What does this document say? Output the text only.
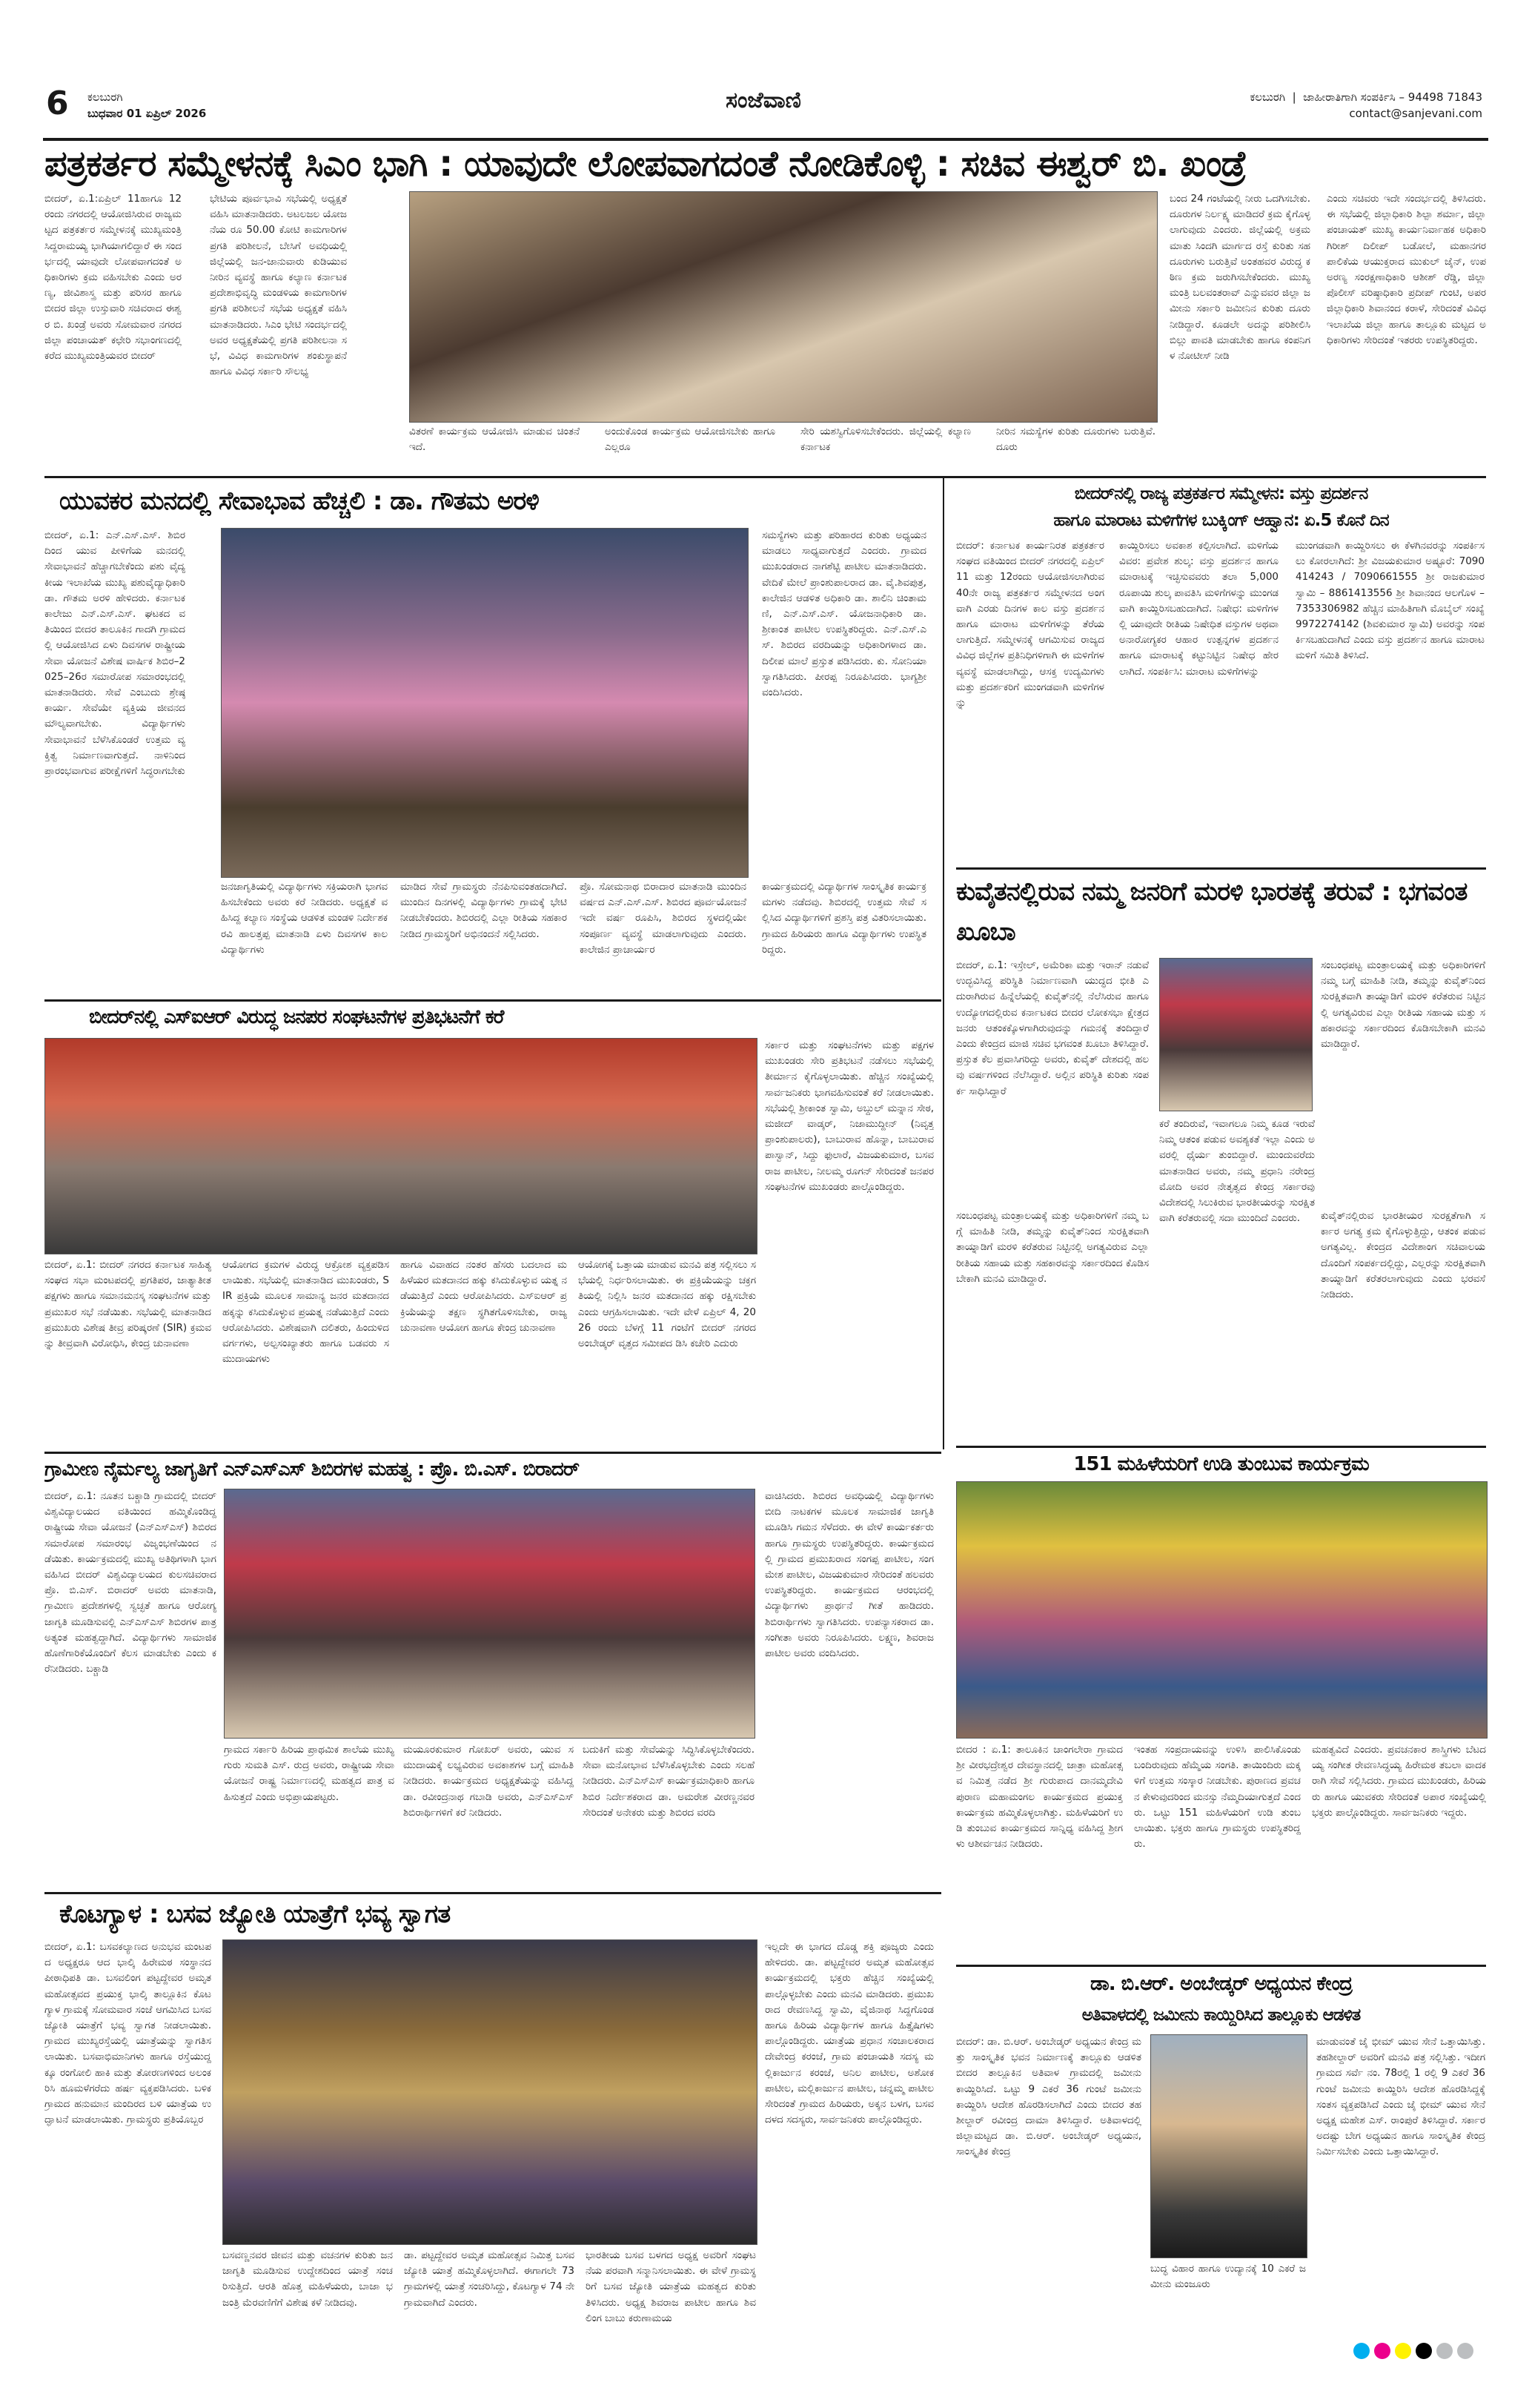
6 ಕಲಬುರಗಿ
ಬುಧವಾರ 01 ಏಪ್ರಿಲ್ 2026	ಸಂಜೆವಾಣಿ	ಕಲಬುರಗಿ  |  ಜಾಹೀರಾತಿಗಾಗಿ ಸಂಪರ್ಕಿಸಿ – 94498 71843
contact@sanjevani.com
ಪತ್ರಕರ್ತರ ಸಮ್ಮೇಳನಕ್ಕೆ ಸಿಎಂ ಭಾಗಿ : ಯಾವುದೇ ಲೋಪವಾಗದಂತೆ ನೋಡಿಕೊಳ್ಳಿ : ಸಚಿವ ಈಶ್ವರ್ ಬಿ. ಖಂಡ್ರೆ
ಬೀದರ್, ಏ.1:ಏಪ್ರಿಲ್ 11ಹಾಗೂ 12 ರಂದು ನಗರದಲ್ಲಿ ಆಯೋಜಿಸಿರುವ ರಾಜ್ಯಮಟ್ಟದ ಪತ್ರಕರ್ತರ ಸಮ್ಮೇಳನಕ್ಕೆ ಮುಖ್ಯಮಂತ್ರಿ ಸಿದ್ದರಾಮಯ್ಯ ಭಾಗಿಯಾಗಲಿದ್ದಾರೆ ಈ ಸಂದರ್ಭದಲ್ಲಿ ಯಾವುದೇ ಲೋಪವಾಗದಂತೆ ಅಧಿಕಾರಿಗಳು ಕ್ರಮ ವಹಿಸಬೇಕು ಎಂದು ಅರಣ್ಯ, ಜೀವಿಶಾಸ್ತ್ರ ಮತ್ತು ಪರಿಸರ ಹಾಗೂ ಬೀದರ ಜಿಲ್ಲಾ ಉಸ್ತುವಾರಿ ಸಚಿವರಾದ ಈಶ್ವರ ಬಿ. ಖಂಡ್ರೆ ಅವರು ಸೋಮವಾರ ನಗರದ ಜಿಲ್ಲಾ ಪಂಚಾಯತ್ ಕಛೇರಿ ಸಭಾಂಗಣದಲ್ಲಿ ಕರೆದ ಮುಖ್ಯಮಂತ್ರಿಯವರ ಬೀದರ್
ಭೇಟಿಯ ಪೂರ್ವಭಾವಿ ಸಭೆಯಲ್ಲಿ ಅಧ್ಯಕ್ಷತೆ ವಹಿಸಿ ಮಾತನಾಡಿದರು. ಅಟಲಜಲ ಯೋಜನೆಯ ರೂ 50.00 ಕೋಟಿ ಕಾಮಗಾರಿಗಳ ಪ್ರಗತಿ ಪರಿಶೀಲನೆ, ಬೇಸಿಗೆ ಅವಧಿಯಲ್ಲಿ ಜಿಲ್ಲೆಯಲ್ಲಿ ಜನ-ಜಾನುವಾರು ಕುಡಿಯುವ ನೀರಿನ ವ್ಯವಸ್ಥೆ ಹಾಗೂ ಕಲ್ಯಾಣ ಕರ್ನಾಟಕ ಪ್ರದೇಶಾಭಿವೃದ್ಧಿ ಮಂಡಳಿಯ ಕಾಮಗಾರಿಗಳ ಪ್ರಗತಿ ಪರಿಶೀಲನೆ ಸಭೆಯ ಅಧ್ಯಕ್ಷತೆ ವಹಿಸಿ ಮಾತನಾಡಿದರು. ಸಿಎಂ ಭೇಟಿ ಸಂದರ್ಭದಲ್ಲಿ ಅವರ ಅಧ್ಯಕ್ಷತೆಯಲ್ಲಿ ಪ್ರಗತಿ ಪರಿಶೀಲನಾ ಸಭೆ, ವಿವಿಧ ಕಾಮಗಾರಿಗಳ ಶಂಕುಸ್ಥಾಪನೆ ಹಾಗೂ ವಿವಿಧ ಸರ್ಕಾರಿ ಸೌಲಭ್ಯ
ವಿತರಣೆ ಕಾರ್ಯಕ್ರಮ ಆಯೋಜಿಸಿ ಮಾಡುವ ಚಿಂತನೆ ಇದೆ.
ಅಂದುಕೊಂಡ ಕಾರ್ಯಕ್ರಮ ಆಯೋಜಿಸಬೇಕು ಹಾಗೂ ಎಲ್ಲರೂ
ಸೇರಿ ಯಶಸ್ವಿಗೊಳಿಸಬೇಕೆಂದರು. ಜಿಲ್ಲೆಯಲ್ಲಿ ಕಲ್ಯಾಣ ಕರ್ನಾಟಕ
ನೀರಿನ ಸಮಸ್ಯೆಗಳ ಕುರಿತು ದೂರುಗಳು ಬರುತ್ತಿವೆ. ದೂರು
ಬಂದ 24 ಗಂಟೆಯಲ್ಲಿ ನೀರು ಒದಗಿಸಬೇಕು. ದೂರುಗಳ ನಿರ್ಲಕ್ಷ್ಯ ಮಾಡಿದರೆ ಕ್ರಮ ಕೈಗೊಳ್ಳಲಾಗುವುದು ಎಂದರು. ಜಿಲ್ಲೆಯಲ್ಲಿ ಅಕ್ರಮ ಮಾತು ಸಿಂದಗಿ ಮಾರ್ಗದ ರಸ್ತೆ ಕುರಿತು ಸಹ ದೂರುಗಳು ಬರುತ್ತಿವೆ ಅಂತಹವರ ವಿರುದ್ಧ ಕಠಿಣ ಕ್ರಮ ಜರುಗಿಸಬೇಕೆಂದರು. ಮುಖ್ಯಮಂತ್ರಿ ಬಲವಂತರಾವ್ ಎನ್ನುವವರ ಜಿಲ್ಲಾ ಜಮೀನು ಸರ್ಕಾರಿ ಜಮೀನಿನ ಕುರಿತು ದೂರು ನೀಡಿದ್ದಾರೆ. ಕೂಡಲೇ ಅದನ್ನು ಪರಿಶೀಲಿಸಿ ಬಿಲ್ಲು ಪಾವತಿ ಮಾಡಬೇಕು ಹಾಗೂ ಕಂಪನಿಗಳ ನೋಟೀಸ್ ನೀಡಿ
ಎಂದು ಸಚಿವರು ಇದೇ ಸಂದರ್ಭದಲ್ಲಿ ತಿಳಿಸಿದರು. ಈ ಸಭೆಯಲ್ಲಿ ಜಿಲ್ಲಾಧಿಕಾರಿ ಶಿಲ್ಪಾ ಶರ್ಮಾ, ಜಿಲ್ಲಾ ಪಂಚಾಯತ್ ಮುಖ್ಯ ಕಾರ್ಯನಿರ್ವಾಹಕ ಅಧಿಕಾರಿ ಗಿರೀಶ್ ದಿಲೀಪ್ ಬಡೋಲೆ, ಮಹಾನಗರ ಪಾಲಿಕೆಯ ಆಯುಕ್ತರಾದ ಮುಕುಲ್ ಜೈನ್, ಉಪ ಅರಣ್ಯ ಸಂರಕ್ಷಣಾಧಿಕಾರಿ ಆಶೀಶ್ ರೆಡ್ಡಿ, ಜಿಲ್ಲಾ ಪೊಲೀಸ್ ವರಿಷ್ಠಾಧಿಕಾರಿ ಪ್ರದೀಪ್ ಗುಂಟಿ, ಅಪರ ಜಿಲ್ಲಾಧಿಕಾರಿ ಶಿವಾನಂದ ಕರಾಳೆ, ಸೇರಿದಂತೆ ವಿವಿಧ ಇಲಾಖೆಯ ಜಿಲ್ಲಾ ಹಾಗೂ ತಾಲ್ಲೂಕು ಮಟ್ಟದ ಅಧಿಕಾರಿಗಳು ಸೇರಿದಂತೆ ಇತರರು ಉಪಸ್ಥಿತರಿದ್ದರು.
ಯುವಕರ ಮನದಲ್ಲಿ ಸೇವಾಭಾವ ಹೆಚ್ಚಲಿ : ಡಾ. ಗೌತಮ ಅರಳಿ
ಬೀದರ್, ಏ.1: ಎನ್.ಎಸ್.ಎಸ್. ಶಿಬಿರದಿಂದ ಯುವ ಪೀಳಿಗೆಯ ಮನದಲ್ಲಿ ಸೇವಾಭಾವನೆ ಹೆಚ್ಚಾಗಬೇಕೆಂದು ಪಶು ವೈದ್ಯಕೀಯ ಇಲಾಖೆಯ ಮುಖ್ಯ ಪಶುವೈದ್ಯಾಧಿಕಾರಿ ಡಾ. ಗೌತಮ ಅರಳಿ ಹೇಳಿದರು. ಕರ್ನಾಟಕ ಕಾಲೇಜು ಎನ್.ಎಸ್.ಎಸ್. ಘಟಕದ ವತಿಯಿಂದ ಬೀದರ ತಾಲೂಕಿನ ಗಾದಗಿ ಗ್ರಾಮದಲ್ಲಿ ಆಯೋಜಿಸಿದ ಏಳು ದಿವಸಗಳ ರಾಷ್ಟ್ರೀಯ ಸೇವಾ ಯೋಜನೆ ವಿಶೇಷ ವಾರ್ಷಿಕ ಶಿಬಿರ–2025–26ರ ಸಮಾರೋಪ ಸಮಾರಂಭದಲ್ಲಿ ಮಾತನಾಡಿದರು. ಸೇವೆ ಎಂಬುದು ಶ್ರೇಷ್ಠ ಕಾರ್ಯ. ಸೇವೆಯೇ ವ್ಯಕ್ತಿಯ ಜೀವನದ ಮೌಲ್ಯವಾಗಬೇಕು. ವಿದ್ಯಾರ್ಥಿಗಳು ಸೇವಾಭಾವನೆ ಬೆಳೆಸಿಕೊಂಡರೆ ಉತ್ತಮ ವ್ಯಕ್ತಿತ್ವ ನಿರ್ಮಾಣವಾಗುತ್ತದೆ. ನಾಳಿನಿಂದ ಪ್ರಾರಂಭವಾಗುವ ಪರೀಕ್ಷೆಗಳಿಗೆ ಸಿದ್ಧರಾಗಬೇಕು
ಸಮಸ್ಯೆಗಳು ಮತ್ತು ಪರಿಹಾರದ ಕುರಿತು ಅಧ್ಯಯನ ಮಾಡಲು ಸಾಧ್ಯವಾಗುತ್ತದೆ ಎಂದರು. ಗ್ರಾಮದ ಮುಖಂಡರಾದ ನಾಗಶೆಟ್ಟಿ ಪಾಟೀಲ ಮಾತನಾಡಿದರು. ವೇದಿಕೆ ಮೇಲೆ ಪ್ರಾಂಶುಪಾಲರಾದ ಡಾ. ವೈ.ಶಿವಪುತ್ರ, ಕಾಲೇಜಿನ ಆಡಳಿತ ಅಧಿಕಾರಿ ಡಾ. ಶಾಲಿನಿ ಚಿಂತಾಮಣಿ, ಎನ್.ಎಸ್.ಎಸ್. ಯೋಜನಾಧಿಕಾರಿ ಡಾ. ಶ್ರೀಕಾಂತ ಪಾಟೀಲ ಉಪಸ್ಥಿತರಿದ್ದರು. ಎನ್.ಎಸ್.ಎಸ್. ಶಿಬಿರದ ವರದಿಯನ್ನು ಅಧಿಕಾರಿಗಳಾದ ಡಾ. ದಿಲೀಪ ಮಾಲೆ ಪ್ರಸ್ತುತ ಪಡಿಸಿದರು. ಕು. ಸೋನಿಯಾ ಸ್ವಾಗತಿಸಿದರು. ಪೀರಪ್ಪ ನಿರೂಪಿಸಿದರು. ಭಾಗ್ಯಶ್ರೀ ವಂದಿಸಿದರು.
ಜನಜಾಗೃತಿಯಲ್ಲಿ ವಿದ್ಯಾರ್ಥಿಗಳು ಸಕ್ರಿಯರಾಗಿ ಭಾಗವಹಿಸಬೇಕೆಂದು ಅವರು ಕರೆ ನೀಡಿದರು. ಅಧ್ಯಕ್ಷತೆ ವಹಿಸಿದ್ದ ಕಲ್ಯಾಣ ಸಂಸ್ಥೆಯ ಆಡಳಿತ ಮಂಡಳಿ ನಿರ್ದೇಶಕ ರವಿ ಹಾಲತ್ತಪ್ಪ ಮಾತನಾಡಿ ಏಳು ದಿವಸಗಳ ಕಾಲ ವಿದ್ಯಾರ್ಥಿಗಳು
ಮಾಡಿದ ಸೇವೆ ಗ್ರಾಮಸ್ಥರು ನೆನಪಿಸುವಂತಹದಾಗಿದೆ. ಮುಂದಿನ ದಿನಗಳಲ್ಲಿ ವಿದ್ಯಾರ್ಥಿಗಳು ಗ್ರಾಮಕ್ಕೆ ಭೇಟಿ ನೀಡಬೇಕೆಂದರು. ಶಿಬಿರದಲ್ಲಿ ಎಲ್ಲಾ ರೀತಿಯ ಸಹಕಾರ ನೀಡಿದ ಗ್ರಾಮಸ್ಥರಿಗೆ ಅಭಿನಂದನೆ ಸಲ್ಲಿಸಿದರು.
ಪ್ರೊ. ಸೋಮನಾಥ ಬಿರಾದಾರ ಮಾತನಾಡಿ ಮುಂದಿನ ವರ್ಷದ ಎನ್.ಎಸ್.ಎಸ್. ಶಿಬಿರದ ಪೂರ್ವಯೋಜನೆ ಇದೇ ವರ್ಷ ರೂಪಿಸಿ, ಶಿಬಿರದ ಸ್ಥಳದಲ್ಲಿಯೇ ಸಂಪೂರ್ಣ ವ್ಯವಸ್ಥೆ ಮಾಡಲಾಗುವುದು ಎಂದರು. ಕಾಲೇಜಿನ ಪ್ರಾಚಾರ್ಯರ
ಕಾರ್ಯಕ್ರಮದಲ್ಲಿ ವಿದ್ಯಾರ್ಥಿಗಳ ಸಾಂಸ್ಕೃತಿಕ ಕಾರ್ಯಕ್ರಮಗಳು ನಡೆದವು. ಶಿಬಿರದಲ್ಲಿ ಉತ್ತಮ ಸೇವೆ ಸಲ್ಲಿಸಿದ ವಿದ್ಯಾರ್ಥಿಗಳಿಗೆ ಪ್ರಶಸ್ತಿ ಪತ್ರ ವಿತರಿಸಲಾಯಿತು. ಗ್ರಾಮದ ಹಿರಿಯರು ಹಾಗೂ ವಿದ್ಯಾರ್ಥಿಗಳು ಉಪಸ್ಥಿತರಿದ್ದರು.
ಬೀದರ್‌ನಲ್ಲಿ ರಾಜ್ಯ ಪತ್ರಕರ್ತರ ಸಮ್ಮೇಳನ: ವಸ್ತು ಪ್ರದರ್ಶನ
ಹಾಗೂ ಮಾರಾಟ ಮಳಿಗೆಗಳ ಬುಕ್ಕಿಂಗ್ ಆಹ್ವಾನ: ಏ.5 ಕೊನೆ ದಿನ
ಬೀದರ್: ಕರ್ನಾಟಕ ಕಾರ್ಯನಿರತ ಪತ್ರಕರ್ತರ ಸಂಘದ ವತಿಯಿಂದ ಬೀದರ್ ನಗರದಲ್ಲಿ ಏಪ್ರಿಲ್ 11 ಮತ್ತು 12ರಂದು ಆಯೋಜಿಸಲಾಗಿರುವ 40ನೇ ರಾಜ್ಯ ಪತ್ರಕರ್ತರ ಸಮ್ಮೇಳನದ ಅಂಗವಾಗಿ ಎರಡು ದಿನಗಳ ಕಾಲ ವಸ್ತು ಪ್ರದರ್ಶನ ಹಾಗೂ ಮಾರಾಟ ಮಳಿಗೆಗಳನ್ನು ತೆರೆಯಲಾಗುತ್ತಿದೆ. ಸಮ್ಮೇಳನಕ್ಕೆ ಆಗಮಿಸುವ ರಾಜ್ಯದ ವಿವಿಧ ಜಿಲ್ಲೆಗಳ ಪ್ರತಿನಿಧಿಗಳಿಗಾಗಿ ಈ ಮಳಿಗೆಗಳ ವ್ಯವಸ್ಥೆ ಮಾಡಲಾಗಿದ್ದು, ಆಸಕ್ತ ಉದ್ಯಮಿಗಳು ಮತ್ತು ಪ್ರದರ್ಶಕರಿಗೆ ಮುಂಗಡವಾಗಿ ಮಳಿಗೆಗಳನ್ನು
ಕಾಯ್ದಿರಿಸಲು ಅವಕಾಶ ಕಲ್ಪಿಸಲಾಗಿದೆ. ಮಳಿಗೆಯ ವಿವರ: ಪ್ರವೇಶ ಶುಲ್ಕ: ವಸ್ತು ಪ್ರದರ್ಶನ ಹಾಗೂ ಮಾರಾಟಕ್ಕೆ ಇಚ್ಛಿಸುವವರು ತಲಾ 5,000 ರೂಪಾಯಿ ಶುಲ್ಕ ಪಾವತಿಸಿ ಮಳಿಗೆಗಳನ್ನು ಮುಂಗಡವಾಗಿ ಕಾಯ್ದಿರಿಸಬಹುದಾಗಿದೆ. ನಿಷೇಧ: ಮಳಿಗೆಗಳಲ್ಲಿ ಯಾವುದೇ ರೀತಿಯ ನಿಷೇಧಿತ ವಸ್ತುಗಳ ಅಥವಾ ಅನಾರೋಗ್ಯಕರ ಆಹಾರ ಉತ್ಪನ್ನಗಳ ಪ್ರದರ್ಶನ ಹಾಗೂ ಮಾರಾಟಕ್ಕೆ ಕಟ್ಟುನಿಟ್ಟಿನ ನಿಷೇಧ ಹೇರಲಾಗಿದೆ. ಸಂಪರ್ಕಿಸಿ: ಮಾರಾಟ ಮಳಿಗೆಗಳನ್ನು
ಮುಂಗಡವಾಗಿ ಕಾಯ್ದಿರಿಸಲು ಈ ಕೆಳಗಿನವರನ್ನು ಸಂಪರ್ಕಿಸಲು ಕೋರಲಾಗಿದೆ: ಶ್ರೀ ವಿಜಯಕುಮಾರ ಅಷ್ಟೂರೆ: 7090414243 / 7090661555 ಶ್ರೀ ರಾಜಕುಮಾರ ಸ್ವಾಮಿ – 8861413556 ಶ್ರೀ ಶಿವಾನಂದ ಆಲಗೊಳ – 7353306982 ಹೆಚ್ಚಿನ ಮಾಹಿತಿಗಾಗಿ ಮೊಬೈಲ್ ಸಂಖ್ಯೆ 9972274142 (ಶಿವಕುಮಾರ ಸ್ವಾಮಿ) ಅವರನ್ನು ಸಂಪರ್ಕಿಸಬಹುದಾಗಿದೆ ಎಂದು ವಸ್ತು ಪ್ರದರ್ಶನ ಹಾಗೂ ಮಾರಾಟ ಮಳಿಗೆ ಸಮಿತಿ ತಿಳಿಸಿದೆ.
ಕುವೈತನಲ್ಲಿರುವ ನಮ್ಮ ಜನರಿಗೆ ಮರಳಿ ಭಾರತಕ್ಕೆ ತರುವೆ : ಭಗವಂತ ಖೂಬಾ
ಬೀದರ್, ಏ.1: ಇಸ್ರೇಲ್, ಅಮೆರಿಕಾ ಮತ್ತು ಇರಾನ್ ನಡುವೆ ಉದ್ಭವಿಸಿದ್ದ ಪರಿಸ್ಥಿತಿ ನಿರ್ಮಾಣವಾಗಿ ಯುದ್ಧದ ಭೀತಿ ಎದುರಾಗಿರುವ ಹಿನ್ನೆಲೆಯಲ್ಲಿ ಕುವೈತ್‌ನಲ್ಲಿ ನೆಲೆಸಿರುವ ಹಾಗೂ ಉದ್ಯೋಗದಲ್ಲಿರುವ ಕರ್ನಾಟಕದ ಬೀದರ ಲೋಕಸಭಾ ಕ್ಷೇತ್ರದ ಜನರು ಆತಂಕಕ್ಕೊಳಗಾಗಿರುವುದನ್ನು ಗಮನಕ್ಕೆ ತಂದಿದ್ದಾರೆ ಎಂದು ಕೇಂದ್ರದ ಮಾಜಿ ಸಚಿವ ಭಗವಂತ ಖೂಬಾ ತಿಳಿಸಿದ್ದಾರೆ. ಪ್ರಸ್ತುತ ಕೆಲ ಪ್ರವಾಸಿಗರಿದ್ದು ಅವರು, ಕುವೈತ್ ದೇಶದಲ್ಲಿ ಹಲವು ವರ್ಷಗಳಿಂದ ನೆಲೆಸಿದ್ದಾರೆ. ಅಲ್ಲಿನ ಪರಿಸ್ಥಿತಿ ಕುರಿತು ಸಂಪರ್ಕ ಸಾಧಿಸಿದ್ದಾರೆ
ಸಂಬಂಧಪಟ್ಟ ಮಂತ್ರಾಲಯಕ್ಕೆ ಮತ್ತು ಅಧಿಕಾರಿಗಳಿಗೆ ನಮ್ಮ ಬಗ್ಗೆ ಮಾಹಿತಿ ನೀಡಿ, ತಮ್ಮನ್ನು ಕುವೈತ್‌ನಿಂದ ಸುರಕ್ಷಿತವಾಗಿ ತಾಯ್ನಾಡಿಗೆ ಮರಳಿ ಕರೆತರುವ ನಿಟ್ಟಿನಲ್ಲಿ ಅಗತ್ಯವಿರುವ ಎಲ್ಲಾ ರೀತಿಯ ಸಹಾಯ ಮತ್ತು ಸಹಕಾರವನ್ನು ಸರ್ಕಾರದಿಂದ ಕೊಡಿಸಬೇಕಾಗಿ ಮನವಿ ಮಾಡಿದ್ದಾರೆ.
ಕರೆ ತಂದಿರುವೆ, ಇವಾಗಲೂ ನಿಮ್ಮ ಕೂಡ ಇರುವೆ ನಿಮ್ಮ ಆತಂಕ ಪಡುವ ಅವಶ್ಯಕತೆ ಇಲ್ಲಾ ಎಂದು ಅವರಲ್ಲಿ ಧೈರ್ಯ ತುಂಬಿದ್ದಾರೆ. ಮುಂದುವರೆದು ಮಾತನಾಡಿದ ಅವರು, ನಮ್ಮ ಪ್ರಧಾನಿ ನರೇಂದ್ರ ಮೋದಿ ಅವರ ನೇತೃತ್ವದ ಕೇಂದ್ರ ಸರ್ಕಾರವು ವಿದೇಶದಲ್ಲಿ ಸಿಲುಕಿರುವ ಭಾರತೀಯರನ್ನು ಸುರಕ್ಷಿತವಾಗಿ ಕರೆತರುವಲ್ಲಿ ಸದಾ ಮುಂದಿದೆ ಎಂದರು.	ಕುವೈತ್‌ನಲ್ಲಿರುವ ಭಾರತೀಯರ ಸುರಕ್ಷತೆಗಾಗಿ ಸರ್ಕಾರ ಅಗತ್ಯ ಕ್ರಮ ಕೈಗೊಳ್ಳುತ್ತಿದ್ದು, ಆತಂಕ ಪಡುವ ಅಗತ್ಯವಿಲ್ಲ. ಕೇಂದ್ರದ ವಿದೇಶಾಂಗ ಸಚಿವಾಲಯದೊಂದಿಗೆ ಸಂಪರ್ಕದಲ್ಲಿದ್ದು, ಎಲ್ಲರನ್ನು ಸುರಕ್ಷಿತವಾಗಿ ತಾಯ್ನಾಡಿಗೆ ಕರೆತರಲಾಗುವುದು ಎಂದು ಭರವಸೆ ನೀಡಿದರು.
ಸಂಬಂಧಪಟ್ಟ ಮಂತ್ರಾಲಯಕ್ಕೆ ಮತ್ತು ಅಧಿಕಾರಿಗಳಿಗೆ ನಮ್ಮ ಬಗ್ಗೆ ಮಾಹಿತಿ ನೀಡಿ, ತಮ್ಮನ್ನು ಕುವೈತ್‌ನಿಂದ ಸುರಕ್ಷಿತವಾಗಿ ತಾಯ್ನಾಡಿಗೆ ಮರಳಿ ಕರೆತರುವ ನಿಟ್ಟಿನಲ್ಲಿ ಅಗತ್ಯವಿರುವ ಎಲ್ಲಾ ರೀತಿಯ ಸಹಾಯ ಮತ್ತು ಸಹಕಾರವನ್ನು ಸರ್ಕಾರದಿಂದ ಕೊಡಿಸಬೇಕಾಗಿ ಮನವಿ ಮಾಡಿದ್ದಾರೆ.
ಬೀದರ್‌ನಲ್ಲಿ ಎಸ್‌ಐಆರ್ ವಿರುದ್ಧ ಜನಪರ ಸಂಘಟನೆಗಳ ಪ್ರತಿಭಟನೆಗೆ ಕರೆ
ಸರ್ಕಾರ ಮತ್ತು ಸಂಘಟನೆಗಳು ಮತ್ತು ಪಕ್ಷಗಳ ಮುಖಂಡರು ಸೇರಿ ಪ್ರತಿಭಟನೆ ನಡೆಸಲು ಸಭೆಯಲ್ಲಿ ತೀರ್ಮಾನ ಕೈಗೊಳ್ಳಲಾಯಿತು. ಹೆಚ್ಚಿನ ಸಂಖ್ಯೆಯಲ್ಲಿ ಸಾರ್ವಜನಿಕರು ಭಾಗವಹಿಸುವಂತೆ ಕರೆ ನೀಡಲಾಯಿತು. ಸಭೆಯಲ್ಲಿ ಶ್ರೀಕಾಂತ ಸ್ವಾಮಿ, ಅಬ್ದುಲ್ ಮನ್ನಾನ ಸೇಠ, ಮಜೀದ್ ವಾಡ್ಕರ್, ನಿಜಾಮುದ್ದೀನ್ (ನಿವೃತ್ತ ಪ್ರಾಂಶುಪಾಲರು), ಬಾಬುರಾವ ಹೊನ್ನಾ, ಬಾಬುರಾವ ಪಾಸ್ವಾನ್, ಸಿದ್ದು ಫುಲಾರೆ, ವಿಜಯಕುಮಾರ, ಬಸವರಾಜ ಪಾಟೀಲ, ನೀಲಮ್ಮ ರೂಗನ್ ಸೇರಿದಂತೆ ಜನಪರ ಸಂಘಟನೆಗಳ ಮುಖಂಡರು ಪಾಲ್ಗೊಂಡಿದ್ದರು.
ಬೀದರ್, ಏ.1: ಬೀದರ್ ನಗರದ ಕರ್ನಾಟಕ ಸಾಹಿತ್ಯ ಸಂಘದ ಸಭಾ ಮಂಟಪದಲ್ಲಿ ಪ್ರಗತಿಪರ, ಜಾತ್ಯಾತೀತ ಪಕ್ಷಗಳು ಹಾಗೂ ಸಮಾನಮನಸ್ಕ ಸಂಘಟನೆಗಳ ಮತ್ತು ಪ್ರಮುಖರ ಸಭೆ ನಡೆಯಿತು. ಸಭೆಯಲ್ಲಿ ಮಾತನಾಡಿದ ಪ್ರಮುಖರು ವಿಶೇಷ ತೀವ್ರ ಪರಿಷ್ಕರಣೆ (SIR) ಕ್ರಮವನ್ನು ತೀವ್ರವಾಗಿ ವಿರೋಧಿಸಿ, ಕೇಂದ್ರ ಚುನಾವಣಾ
ಆಯೋಗದ ಕ್ರಮಗಳ ವಿರುದ್ಧ ಆಕ್ರೋಶ ವ್ಯಕ್ತಪಡಿಸಲಾಯಿತು. ಸಭೆಯಲ್ಲಿ ಮಾತನಾಡಿದ ಮುಖಂಡರು, SIR ಪ್ರಕ್ರಿಯೆ ಮೂಲಕ ಸಾಮಾನ್ಯ ಜನರ ಮತದಾನದ ಹಕ್ಕನ್ನು ಕಸಿದುಕೊಳ್ಳುವ ಪ್ರಯತ್ನ ನಡೆಯುತ್ತಿದೆ ಎಂದು ಆರೋಪಿಸಿದರು. ವಿಶೇಷವಾಗಿ ದಲಿತರು, ಹಿಂದುಳಿದ ವರ್ಗಗಳು, ಅಲ್ಪಸಂಖ್ಯಾತರು ಹಾಗೂ ಬಡವರು ಸಮುದಾಯಗಳು
ಹಾಗೂ ವಿವಾಹದ ನಂತರ ಹೆಸರು ಬದಲಾದ ಮಹಿಳೆಯರ ಮತದಾನದ ಹಕ್ಕು ಕಸಿದುಕೊಳ್ಳುವ ಯತ್ನ ನಡೆಯುತ್ತಿದೆ ಎಂದು ಆರೋಪಿಸಿದರು. ಎಸ್‌ಐಆರ್ ಪ್ರಕ್ರಿಯೆಯನ್ನು ತಕ್ಷಣ ಸ್ಥಗಿತಗೊಳಿಸಬೇಕು, ರಾಜ್ಯ ಚುನಾವಣಾ ಆಯೋಗ ಹಾಗೂ ಕೇಂದ್ರ ಚುನಾವಣಾ
ಆಯೋಗಕ್ಕೆ ಒತ್ತಾಯ ಮಾಡುವ ಮನವಿ ಪತ್ರ ಸಲ್ಲಿಸಲು ಸಭೆಯಲ್ಲಿ ನಿರ್ಧರಿಸಲಾಯಿತು. ಈ ಪ್ರಕ್ರಿಯೆಯನ್ನು ಚಕ್ರಗತಿಯಲ್ಲಿ ನಿಲ್ಲಿಸಿ ಜನರ ಮತದಾನದ ಹಕ್ಕು ರಕ್ಷಿಸಬೇಕು ಎಂದು ಆಗ್ರಹಿಸಲಾಯಿತು. ಇದೇ ವೇಳೆ ಏಪ್ರಿಲ್ 4, 2026 ರಂದು ಬೆಳಗ್ಗೆ 11 ಗಂಟೆಗೆ ಬೀದರ್ ನಗರದ ಅಂಬೇಡ್ಕರ್ ವೃತ್ತದ ಸಮೀಪದ ಡಿಸಿ ಕಚೇರಿ ಎದುರು
151 ಮಹಿಳೆಯರಿಗೆ ಉಡಿ ತುಂಬುವ ಕಾರ್ಯಕ್ರಮ
ಬೀದರ : ಏ.1: ತಾಲೂಕಿನ ಚಾಂಗಲೇರಾ ಗ್ರಾಮದ ಶ್ರೀ ವೀರಭದ್ರೇಶ್ವರ ದೇವಸ್ಥಾನದಲ್ಲಿ ಜಾತ್ರಾ ಮಹೋತ್ಸವ ನಿಮಿತ್ತ ನಡೆದ ಶ್ರೀ ಗುರುಪಾದ ದಾನಮ್ಮದೇವಿ ಪುರಾಣ ಮಹಾಮಂಗಲ ಕಾರ್ಯಕ್ರಮದ ಪ್ರಯುಕ್ತ ಕಾರ್ಯಕ್ರಮ ಹಮ್ಮಿಕೊಳ್ಳಲಾಗಿತ್ತು. ಮಹಿಳೆಯರಿಗೆ ಉಡಿ ತುಂಬುವ ಕಾರ್ಯಕ್ರಮದ ಸಾನ್ನಿಧ್ಯ ವಹಿಸಿದ್ದ ಶ್ರೀಗಳು ಆಶೀರ್ವಚನ ನೀಡಿದರು.
ಇಂತಹ ಸಂಪ್ರದಾಯವನ್ನು ಉಳಿಸಿ ಪಾಲಿಸಿಕೊಂಡು ಬಂದಿರುವುದು ಹೆಮ್ಮೆಯ ಸಂಗತಿ. ತಾಯಿಂದಿರು ಮಕ್ಕಳಿಗೆ ಉತ್ತಮ ಸಂಸ್ಕಾರ ನೀಡಬೇಕು. ಪುರಾಣದ ಪ್ರವಚನ ಕೇಳುವುದರಿಂದ ಮನಸ್ಸು ನೆಮ್ಮದಿಯಾಗುತ್ತದೆ ಎಂದರು. ಒಟ್ಟು 151 ಮಹಿಳೆಯರಿಗೆ ಉಡಿ ತುಂಬಲಾಯಿತು. ಭಕ್ತರು ಹಾಗೂ ಗ್ರಾಮಸ್ಥರು ಉಪಸ್ಥಿತರಿದ್ದರು.
ಮಹತ್ವವಿದೆ ಎಂದರು. ಪ್ರವಚನಕಾರ ಶಾಸ್ತ್ರಿಗಳು ಬೆಟದಯ್ಯ ಸಂಗೀತ ರೇವಣಸಿದ್ಧಯ್ಯ ಹಿರೇಮಠ ತಬಲಾ ವಾದಕರಾಗಿ ಸೇವೆ ಸಲ್ಲಿಸಿದರು. ಗ್ರಾಮದ ಮುಖಂಡರು, ಹಿರಿಯರು ಹಾಗೂ ಯುವಕರು ಸೇರಿದಂತೆ ಅಪಾರ ಸಂಖ್ಯೆಯಲ್ಲಿ ಭಕ್ತರು ಪಾಲ್ಗೊಂಡಿದ್ದರು. ಸಾರ್ವಜನಿಕರು ಇದ್ದರು.
ಗ್ರಾಮೀಣ ನೈರ್ಮಲ್ಯ ಜಾಗೃತಿಗೆ ಎನ್‌ಎಸ್‌ಎಸ್ ಶಿಬಿರಗಳ ಮಹತ್ವ : ಪ್ರೊ. ಬಿ.ಎಸ್. ಬಿರಾದರ್
ಬೀದರ್, ಏ.1: ನೂತನ ಬಕ್ಚಾಡಿ ಗ್ರಾಮದಲ್ಲಿ ಬೀದರ್ ವಿಶ್ವವಿದ್ಯಾಲಯದ ವತಿಯಿಂದ ಹಮ್ಮಿಕೊಂಡಿದ್ದ ರಾಷ್ಟ್ರೀಯ ಸೇವಾ ಯೋಜನೆ (ಎನ್‌ಎಸ್‌ಎಸ್) ಶಿಬಿರದ ಸಮಾರೋಪ ಸಮಾರಂಭ ವಿಜೃಂಭಣೆಯಿಂದ ನಡೆಯಿತು. ಕಾರ್ಯಕ್ರಮದಲ್ಲಿ ಮುಖ್ಯ ಅತಿಥಿಗಳಾಗಿ ಭಾಗವಹಿಸಿದ ಬೀದರ್ ವಿಶ್ವವಿದ್ಯಾಲಯದ ಕುಲಸಚಿವರಾದ ಪ್ರೊ. ಬಿ.ಎಸ್. ಬಿರಾದರ್ ಅವರು ಮಾತನಾಡಿ, ಗ್ರಾಮೀಣ ಪ್ರದೇಶಗಳಲ್ಲಿ ಸ್ವಚ್ಛತೆ ಹಾಗೂ ಆರೋಗ್ಯ ಜಾಗೃತಿ ಮೂಡಿಸುವಲ್ಲಿ ಎನ್‌ಎಸ್‌ಎಸ್ ಶಿಬಿರಗಳ ಪಾತ್ರ ಅತ್ಯಂತ ಮಹತ್ವದ್ದಾಗಿದೆ. ವಿದ್ಯಾರ್ಥಿಗಳು ಸಾಮಾಜಿಕ ಹೊಣೆಗಾರಿಕೆಯೊಂದಿಗೆ ಕೆಲಸ ಮಾಡಬೇಕು ಎಂದು ಕರೆನೀಡಿದರು. ಬಕ್ಚಾಡಿ
ಗ್ರಾಮದ ಸರ್ಕಾರಿ ಹಿರಿಯ ಪ್ರಾಥಮಿಕ ಶಾಲೆಯ ಮುಖ್ಯಗುರು ಸುಮತಿ ಎಸ್. ರುದ್ರ ಅವರು, ರಾಷ್ಟ್ರೀಯ ಸೇವಾ ಯೋಜನೆ ರಾಷ್ಟ್ರ ನಿರ್ಮಾಣದಲ್ಲಿ ಮಹತ್ವದ ಪಾತ್ರ ವಹಿಸುತ್ತದೆ ಎಂದು ಅಭಿಪ್ರಾಯಪಟ್ಟರು.
ಮಯೂರಕುಮಾರ ಗೋಖರ್ ಅವರು, ಯುವ ಸಮುದಾಯಕ್ಕೆ ಲಭ್ಯವಿರುವ ಅವಕಾಶಗಳ ಬಗ್ಗೆ ಮಾಹಿತಿ ನೀಡಿದರು. ಕಾರ್ಯಕ್ರಮದ ಅಧ್ಯಕ್ಷತೆಯನ್ನು ವಹಿಸಿದ್ದ ಡಾ. ರವೀಂದ್ರನಾಥ ಗಬಾಡಿ ಅವರು, ಎನ್‌ಎಸ್‌ಎಸ್ ಶಿಬಿರಾರ್ಥಿಗಳಿಗೆ ಕರೆ ನೀಡಿದರು.
ಬದುಕಿಗೆ ಮತ್ತು ಸೇವೆಯನ್ನು ಸಿದ್ಧಿಸಿಕೊಳ್ಳಬೇಕೆಂದರು. ಸೇವಾ ಮನೋಭಾವ ಬೆಳೆಸಿಕೊಳ್ಳಬೇಕು ಎಂದು ಸಲಹೆ ನೀಡಿದರು. ಎನ್‌ಎಸ್‌ಎಸ್ ಕಾರ್ಯಕ್ರಮಾಧಿಕಾರಿ ಹಾಗೂ ಶಿಬಿರ ನಿರ್ದೇಶಕರಾದ ಡಾ. ಅಮರೇಶ ವೀರಣ್ಣನವರ ಸೇರಿದಂತೆ ಅನೇಕರು ಮತ್ತು ಶಿಬಿರದ ವರದಿ
ವಾಚಿಸಿದರು. ಶಿಬಿರದ ಅವಧಿಯಲ್ಲಿ ವಿದ್ಯಾರ್ಥಿಗಳು ಬೀದಿ ನಾಟಕಗಳ ಮೂಲಕ ಸಾಮಾಜಿಕ ಜಾಗೃತಿ ಮೂಡಿಸಿ ಗಮನ ಸೆಳೆದರು. ಈ ವೇಳೆ ಕಾರ್ಯಕರ್ತರು ಹಾಗೂ ಗ್ರಾಮಸ್ಥರು ಉಪಸ್ಥಿತರಿದ್ದರು. ಕಾರ್ಯಕ್ರಮದಲ್ಲಿ ಗ್ರಾಮದ ಪ್ರಮುಖರಾದ ಸಂಗಪ್ಪ ಪಾಟೀಲ, ಸಂಗಮೇಶ ಪಾಟೀಲ, ವಿಜಯಕುಮಾರ ಸೇರಿದಂತೆ ಹಲವರು ಉಪಸ್ಥಿತರಿದ್ದರು. ಕಾರ್ಯಕ್ರಮದ ಆರಂಭದಲ್ಲಿ ವಿದ್ಯಾರ್ಥಿಗಳು ಪ್ರಾರ್ಥನೆ ಗೀತೆ ಹಾಡಿದರು. ಶಿಬಿರಾರ್ಥಿಗಳು ಸ್ವಾಗತಿಸಿದರು. ಉಪನ್ಯಾಸಕರಾದ ಡಾ. ಸಂಗೀತಾ ಅವರು ನಿರೂಪಿಸಿದರು. ಲಕ್ಷ್ಮಣ, ಶಿವರಾಜ ಪಾಟೀಲ ಅವರು ವಂದಿಸಿದರು.
ಕೊಟಗ್ಯಾಳ : ಬಸವ ಜ್ಯೋತಿ ಯಾತ್ರೆಗೆ ಭವ್ಯ ಸ್ವಾಗತ
ಬೀದರ್, ಏ.1: ಬಸವಕಲ್ಯಾಣದ ಅನುಭವ ಮಂಟಪದ ಅಧ್ಯಕ್ಷರೂ ಆದ ಭಾಲ್ಕಿ ಹಿರೇಮಠ ಸಂಸ್ಥಾನದ ಪೀಠಾಧಿಪತಿ ಡಾ. ಬಸವಲಿಂಗ ಪಟ್ಟದ್ದೇವರ ಅಮೃತ ಮಹೋತ್ಸವದ ಪ್ರಯುಕ್ತ ಭಾಲ್ಕಿ ತಾಲ್ಲೂಕಿನ ಕೊಟಗ್ಯಾಳ ಗ್ರಾಮಕ್ಕೆ ಸೋಮವಾರ ಸಂಜೆ ಆಗಮಿಸಿದ ಬಸವ ಜ್ಯೋತಿ ಯಾತ್ರೆಗೆ ಭವ್ಯ ಸ್ವಾಗತ ನೀಡಲಾಯಿತು. ಗ್ರಾಮದ ಮುಖ್ಯರಸ್ತೆಯಲ್ಲಿ ಯಾತ್ರೆಯನ್ನು ಸ್ವಾಗತಿಸಲಾಯಿತು. ಬಸವಾಭಿಮಾನಿಗಳು ಹಾಗೂ ರಸ್ತೆಯುದ್ದಕ್ಕೂ ರಂಗೋಲಿ ಹಾಕಿ ಮತ್ತು ತೋರಣಗಳಿಂದ ಅಲಂಕರಿಸಿ ಹೂಮಳೆಗರೆದು ಹರ್ಷ ವ್ಯಕ್ತಪಡಿಸಿದರು. ಬಳಿಕ ಗ್ರಾಮದ ಹನುಮಾನ ಮಂದಿರದ ಬಳಿ ಯಾತ್ರೆಯ ಉದ್ಘಾಟನೆ ಮಾಡಲಾಯಿತು. ಗ್ರಾಮಸ್ಥರು ಪ್ರತಿಯೊಬ್ಬರ
ಬಸವಣ್ಣನವರ ಜೀವನ ಮತ್ತು ವಚನಗಳ ಕುರಿತು ಜನಜಾಗೃತಿ ಮೂಡಿಸುವ ಉದ್ದೇಶದಿಂದ ಯಾತ್ರೆ ಸಂಚರಿಸುತ್ತಿದೆ. ಆರತಿ ಹೊತ್ತ ಮಹಿಳೆಯರು, ಬಾಜಾ ಭಜಂತ್ರಿ ಮೆರವಣಿಗೆಗೆ ವಿಶೇಷ ಕಳೆ ನೀಡಿದವು.
ಡಾ. ಪಟ್ಟದ್ದೇವರ ಅಮೃತ ಮಹೋತ್ಸವ ನಿಮಿತ್ತ ಬಸವ ಜ್ಯೋತಿ ಯಾತ್ರೆ ಹಮ್ಮಿಕೊಳ್ಳಲಾಗಿದೆ. ಈಗಾಗಲೇ 73 ಗ್ರಾಮಗಳಲ್ಲಿ ಯಾತ್ರೆ ಸಂಚರಿಸಿದ್ದು, ಕೊಟಗ್ಯಾಳ 74 ನೇ ಗ್ರಾಮವಾಗಿದೆ ಎಂದರು.
ಭಾರತೀಯ ಬಸವ ಬಳಗದ ಅಧ್ಯಕ್ಷ ಅವರಿಗೆ ಸಂಘಟನೆಯ ಪರವಾಗಿ ಸನ್ಮಾನಿಸಲಾಯಿತು. ಈ ವೇಳೆ ಗ್ರಾಮಸ್ಥರಿಗೆ ಬಸವ ಜ್ಯೋತಿ ಯಾತ್ರೆಯ ಮಹತ್ವದ ಕುರಿತು ತಿಳಿಸಿದರು. ಅಧ್ಯಕ್ಷ ಶಿವರಾಜ ಪಾಟೀಲ ಹಾಗೂ ಶಿವಲಿಂಗ ಬಾಬು ಕರುಣಾಮಯ
ಇಲ್ಲದೇ ಈ ಭಾಗದ ದೊಡ್ಡ ಶಕ್ತಿ ಪೂಜ್ಯರು ಎಂದು ಹೇಳಿದರು. ಡಾ. ಪಟ್ಟದ್ದೇವರ ಅಮೃತ ಮಹೋತ್ಸವ ಕಾರ್ಯಕ್ರಮದಲ್ಲಿ ಭಕ್ತರು ಹೆಚ್ಚಿನ ಸಂಖ್ಯೆಯಲ್ಲಿ ಪಾಲ್ಗೊಳ್ಳಬೇಕು ಎಂದು ಮನವಿ ಮಾಡಿದರು. ಪ್ರಮುಖರಾದ ರೇವಣಸಿದ್ದ ಸ್ವಾಮಿ, ವೈಜಿನಾಥ ಸಿದ್ದಗೊಂಡ ಹಾಗೂ ಹಿರಿಯ ವಿದ್ಯಾರ್ಥಿಗಳ ಹಾಗೂ ಹಿತ್ತೈಷಿಗಳು ಪಾಲ್ಗೊಂಡಿದ್ದರು. ಯಾತ್ರೆಯ ಪ್ರಧಾನ ಸಂಚಾಲಕರಾದ ದೇವೇಂದ್ರ ಕರಂಜೆ, ಗ್ರಾಮ ಪಂಚಾಯತಿ ಸದಸ್ಯ ಮಲ್ಲಿಕಾರ್ಜುನ ಕರಂಜೆ, ಅನಿಲ ಪಾಟೀಲ, ಅಶೋಕ ಪಾಟೀಲ, ಮಲ್ಲಿಕಾರ್ಜುನ ಪಾಟೀಲ, ಚನ್ನಮ್ಮ ಪಾಟೀಲ ಸೇರಿದಂತೆ ಗ್ರಾಮದ ಹಿರಿಯರು, ಅಕ್ಕನ ಬಳಗ, ಬಸವ ದಳದ ಸದಸ್ಯರು, ಸಾರ್ವಜನಿಕರು ಪಾಲ್ಗೊಂಡಿದ್ದರು.
ಡಾ. ಬಿ.ಆರ್. ಅಂಬೇಡ್ಕರ್ ಅಧ್ಯಯನ ಕೇಂದ್ರ
ಅತಿವಾಳದಲ್ಲಿ ಜಮೀನು ಕಾಯ್ದಿರಿಸಿದ ತಾಲ್ಲೂಕು ಆಡಳಿತ
ಬೀದರ್: ಡಾ. ಬಿ.ಆರ್. ಅಂಬೇಡ್ಕರ್ ಅಧ್ಯಯನ ಕೇಂದ್ರ ಮತ್ತು ಸಾಂಸ್ಕೃತಿಕ ಭವನ ನಿರ್ಮಾಣಕ್ಕೆ ತಾಲ್ಲೂಕು ಆಡಳಿತ ಬೀದರ ತಾಲ್ಲೂಕಿನ ಅತಿವಾಳ ಗ್ರಾಮದಲ್ಲಿ ಜಮೀನು ಕಾಯ್ದಿರಿಸಿದೆ. ಒಟ್ಟು 9 ಎಕರೆ 36 ಗುಂಟೆ ಜಮೀನು ಕಾಯ್ದಿರಿಸಿ ಆದೇಶ ಹೊರಡಿಸಲಾಗಿದೆ ಎಂದು ಬೀದರ ತಹಶೀಲ್ದಾರ್ ರವೀಂದ್ರ ದಾಮಾ ತಿಳಿಸಿದ್ದಾರೆ. ಅತಿವಾಳದಲ್ಲಿ ಜಿಲ್ಲಾಮಟ್ಟದ ಡಾ. ಬಿ.ಆರ್. ಅಂಬೇಡ್ಕರ್ ಅಧ್ಯಯನ, ಸಾಂಸ್ಕೃತಿಕ ಕೇಂದ್ರ
ಬುದ್ಧ ವಿಹಾರ ಹಾಗೂ ಉದ್ಯಾನಕ್ಕೆ 10 ಎಕರೆ ಜಮೀನು ಮಂಜೂರು
ಮಾಡುವಂತೆ ಜೈ ಭೀಮ್ ಯುವ ಸೇನೆ ಒತ್ತಾಯಿಸಿತ್ತು. ತಹಶೀಲ್ದಾರ್ ಅವರಿಗೆ ಮನವಿ ಪತ್ರ ಸಲ್ಲಿಸಿತ್ತು. ಇದೀಗ ಗ್ರಾಮದ ಸರ್ವೆ ನಂ. 78ರಲ್ಲಿ 1 ರಲ್ಲಿ 9 ಎಕರೆ 36 ಗುಂಟೆ ಜಮೀನು ಕಾಯ್ದಿರಿಸಿ ಆದೇಶ ಹೊರಡಿಸಿದ್ದಕ್ಕೆ ಸಂತಸ ವ್ಯಕ್ತಪಡಿಸಿದೆ ಎಂದು ಜೈ ಭೀಮ್ ಯುವ ಸೇನೆ ಅಧ್ಯಕ್ಷ ಮಹೇಶ ಎಸ್. ರಾಂಪುರೆ ತಿಳಿಸಿದ್ದಾರೆ. ಸರ್ಕಾರ ಅದಷ್ಟು ಬೇಗ ಅಧ್ಯಯನ ಹಾಗೂ ಸಾಂಸ್ಕೃತಿಕ ಕೇಂದ್ರ ನಿರ್ಮಿಸಬೇಕು ಎಂದು ಒತ್ತಾಯಿಸಿದ್ದಾರೆ.
